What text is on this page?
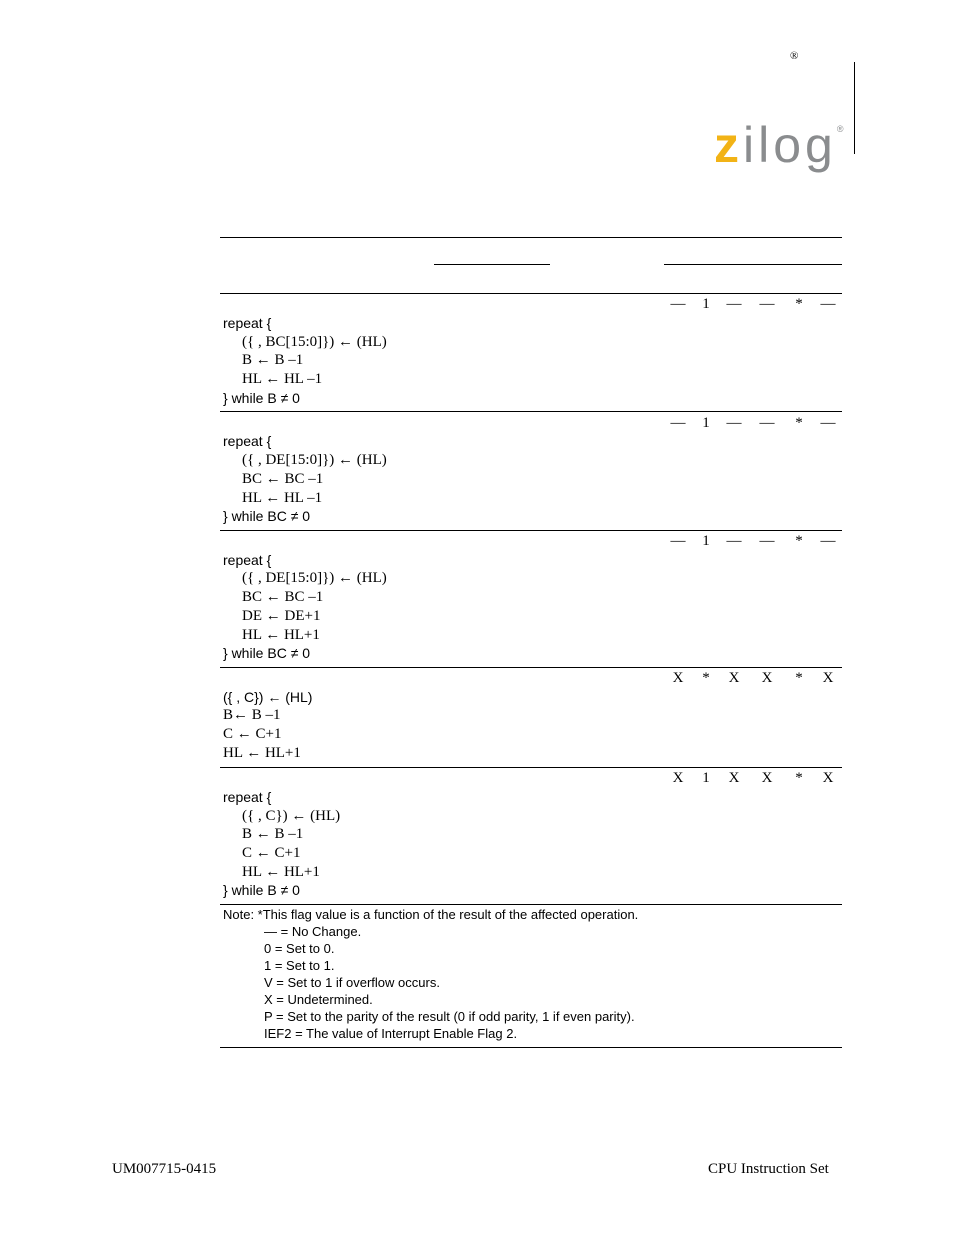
®
zilog®
—	1	—	—	*	—
repeat {
({ , BC[15:0]}) ← (HL)
B ← B –1
HL ← HL –1
} while B ≠ 0
—	1	—	—	*	—
repeat {
({ , DE[15:0]}) ← (HL)
BC ← BC –1
HL ← HL –1
} while BC ≠ 0
—	1	—	—	*	—
repeat {
({ , DE[15:0]}) ← (HL)
BC ← BC –1
DE ← DE+1
HL ← HL+1
} while BC ≠ 0
X	*	X	X	*	X
({ , C}) ← (HL)
B← B –1
C ← C+1
HL ← HL+1
X	1	X	X	*	X
repeat {
({ , C}) ← (HL)
B ← B –1
C ← C+1
HL ← HL+1
} while B ≠ 0
Note: *This flag value is a function of the result of the affected operation.
— = No Change.
0 = Set to 0.
1 = Set to 1.
V = Set to 1 if overflow occurs.
X = Undetermined.
P = Set to the parity of the result (0 if odd parity, 1 if even parity).
IEF2 = The value of Interrupt Enable Flag 2.
UM007715-0415	CPU Instruction Set
